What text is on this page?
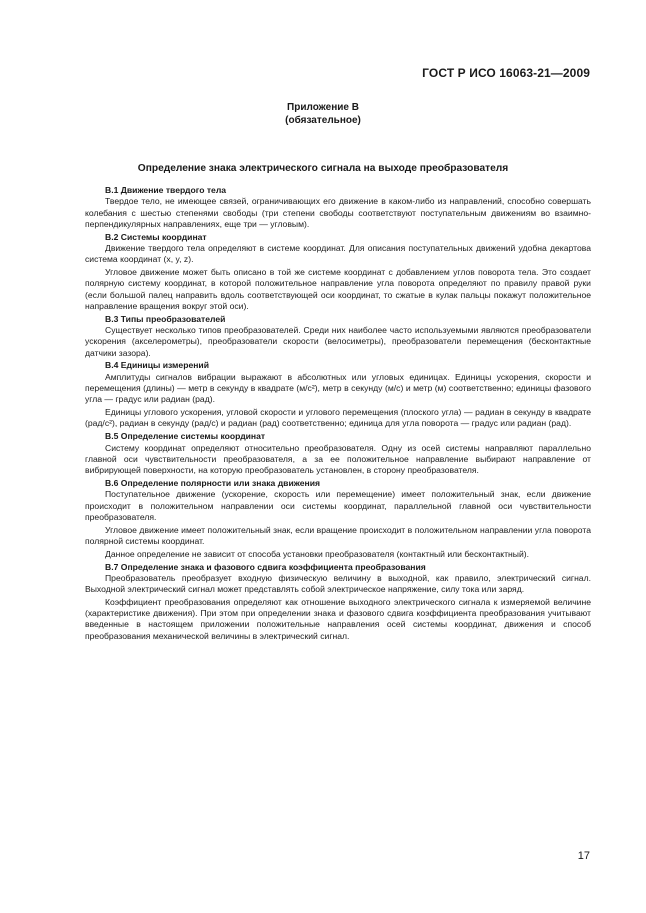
ГОСТ Р ИСО 16063-21—2009
Приложение В
(обязательное)
Определение знака электрического сигнала на выходе преобразователя

В.1 Движение твердого тела

Твердое тело, не имеющее связей, ограничивающих его движение в каком-либо из направлений, способно совершать колебания с шестью степенями свободы (три степени свободы соответствуют поступательным движениям во взаимно-перпендикулярных направлениях, еще три — угловым).

В.2 Системы координат

Движение твердого тела определяют в системе координат. Для описания поступательных движений удобна декартова система координат (x, y, z).

Угловое движение может быть описано в той же системе координат с добавлением углов поворота тела. Это создает полярную систему координат, в которой положительное направление угла поворота определяют по правилу правой руки (если большой палец направить вдоль соответствующей оси координат, то сжатые в кулак пальцы покажут положительное направление вращения вокруг этой оси).

В.3 Типы преобразователей

Существует несколько типов преобразователей. Среди них наиболее часто используемыми являются преобразователи ускорения (акселерометры), преобразователи скорости (велосиметры), преобразователи перемещения (бесконтактные датчики зазора).

В.4 Единицы измерений

Амплитуды сигналов вибрации выражают в абсолютных или угловых единицах. Единицы ускорения, скорости и перемещения (длины) — метр в секунду в квадрате (м/с²), метр в секунду (м/с) и метр (м) соответственно; единицы фазового угла — градус или радиан (рад).

Единицы углового ускорения, угловой скорости и углового перемещения (плоского угла) — радиан в секунду в квадрате (рад/с²), радиан в секунду (рад/с) и радиан (рад) соответственно; единица для угла поворота — градус или радиан (рад).

В.5 Определение системы координат

Систему координат определяют относительно преобразователя. Одну из осей системы направляют параллельно главной оси чувствительности преобразователя, а за ее положительное направление выбирают направление от вибрирующей поверхности, на которую преобразователь установлен, в сторону преобразователя.

В.6 Определение полярности или знака движения

Поступательное движение (ускорение, скорость или перемещение) имеет положительный знак, если движение происходит в положительном направлении оси системы координат, параллельной главной оси чувствительности преобразователя.

Угловое движение имеет положительный знак, если вращение происходит в положительном направлении угла поворота полярной системы координат.

Данное определение не зависит от способа установки преобразователя (контактный или бесконтактный).

В.7 Определение знака и фазового сдвига коэффициента преобразования

Преобразователь преобразует входную физическую величину в выходной, как правило, электрический сигнал. Выходной электрический сигнал может представлять собой электрическое напряжение, силу тока или заряд.

Коэффициент преобразования определяют как отношение выходного электрического сигнала к измеряемой величине (характеристике движения). При этом при определении знака и фазового сдвига коэффициента преобразования учитывают введенные в настоящем приложении положительные направления осей системы координат, движения и способ преобразования механической величины в электрический сигнал.

17
